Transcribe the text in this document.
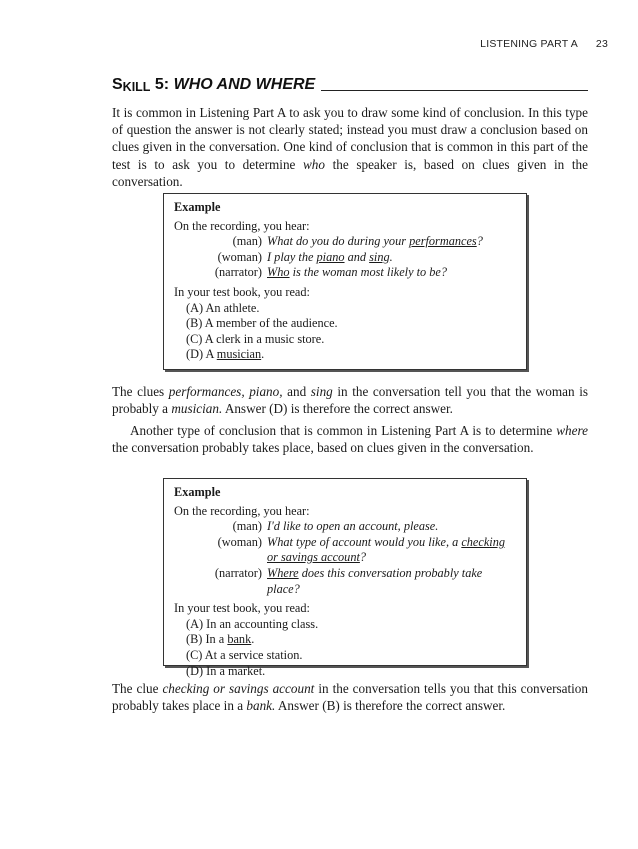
LISTENING PART A 23
S KILL
5:
WHO AND WHERE

It is common in Listening Part A to ask you to draw some kind of conclusion. In this type of question the answer is not clearly stated; instead you must draw a conclusion based on clues given in the conversation. One kind of conclusion that is common in this part of the test is to ask you to determine who the speaker is, based on clues given in the conversation.

Example
On the recording, you hear:
(man) What do you do during your performances?
(woman) I play the piano and sing.
(narrator) Who is the woman most likely to be?
In your test book, you read:
(A) An athlete.
(B) A member of the audience.
(C) A clerk in a music store.
(D) A musician.

The clues performances, piano, and sing in the conversation tell you that the woman is probably a musician. Answer (D) is therefore the correct answer.

Another type of conclusion that is common in Listening Part A is to determine where the conversation probably takes place, based on clues given in the conversation.

Example
On the recording, you hear:
(man) I'd like to open an account, please.
(woman) What type of account would you like, a checking or savings account?
(narrator) Where does this conversation probably take place?
In your test book, you read:
(A) In an accounting class.
(B) In a bank.
(C) At a service station.
(D) In a market.

The clue checking or savings account in the conversation tells you that this conversation probably takes place in a bank. Answer (B) is therefore the correct answer.
